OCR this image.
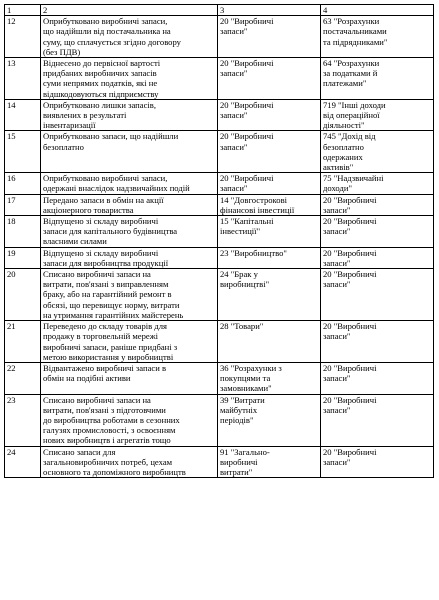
1	2	3	4
12	Оприбутковано виробничі запаси,
що надійшли від постачальника на
суму, що сплачується згідно договору
(без ПДВ)	20 "Виробничі
запаси"	63 "Розрахунки
постачальниками
та підрядниками"
13	Віднесено до первісної вартості
придбаних виробничих запасів
суми непрямих податків, які не
відшкодовуються підприємству	20 "Виробничі
запаси"	64 "Розрахунки
за податками й
платежами"
14	Оприбутковано лишки запасів,
виявлених в результаті
інвентаризації	20 "Виробничі
запаси"	719 "Інші доходи
від операційної
діяльності"
15	Оприбутковано запаси, що надійшли
безоплатно	20 "Виробничі
запаси"	745 "Дохід від
безоплатно
одержаних
активів"
16	Оприбутковано виробничі запаси,
одержані внаслідок надзвичайних подій	20 "Виробничі
запаси"	75 "Надзвичайні
доходи"
17	Передано запаси в обмін на акції
акціонерного товариства	14 "Довгострокові
фінансові інвестиції	20 "Виробничі
запаси"
18	Відпущено зі складу виробничі
запаси для капітального будівництва
власними силами	15 "Капітальні
інвестиції"	20 "Виробничі
запаси"
19	Відпущено зі складу виробничі
запаси для виробництва продукції	23 "Виробництво"	20 "Виробничі
запаси"
20	Списано виробничі запаси на
витрати, пов'язані з виправленням
браку, або на гарантійний ремонт в
обсязі, що перевищує норму, витрати
на утримання гарантійних майстерень	24 "Брак у
виробництві"	20 "Виробничі
запаси"
21	Переведено до складу товарів для
продажу в торговельній мережі
виробничі запаси, раніше придбані з
метою використання у виробництві	28 "Товари"	20 "Виробничі
запаси"
22	Відвантажено виробничі запаси в
обмін на подібні активи	36 "Розрахунки з
покупцями та
замовниками"	20 "Виробничі
запаси"
23	Списано виробничі запаси на
витрати, пов'язані з підготовчими
до виробництва роботами в сезонних
галузях промисловості, з освоєнням
нових виробництв і агрегатів тощо	39 "Витрати
майбутніх
періодів"	20 "Виробничі
запаси"
24	Списано запаси для
загальновиробничих потреб, цехам
основного та допоміжного виробництв	91 "Загально-
виробничі
витрати"	20 "Виробничі
запаси"
